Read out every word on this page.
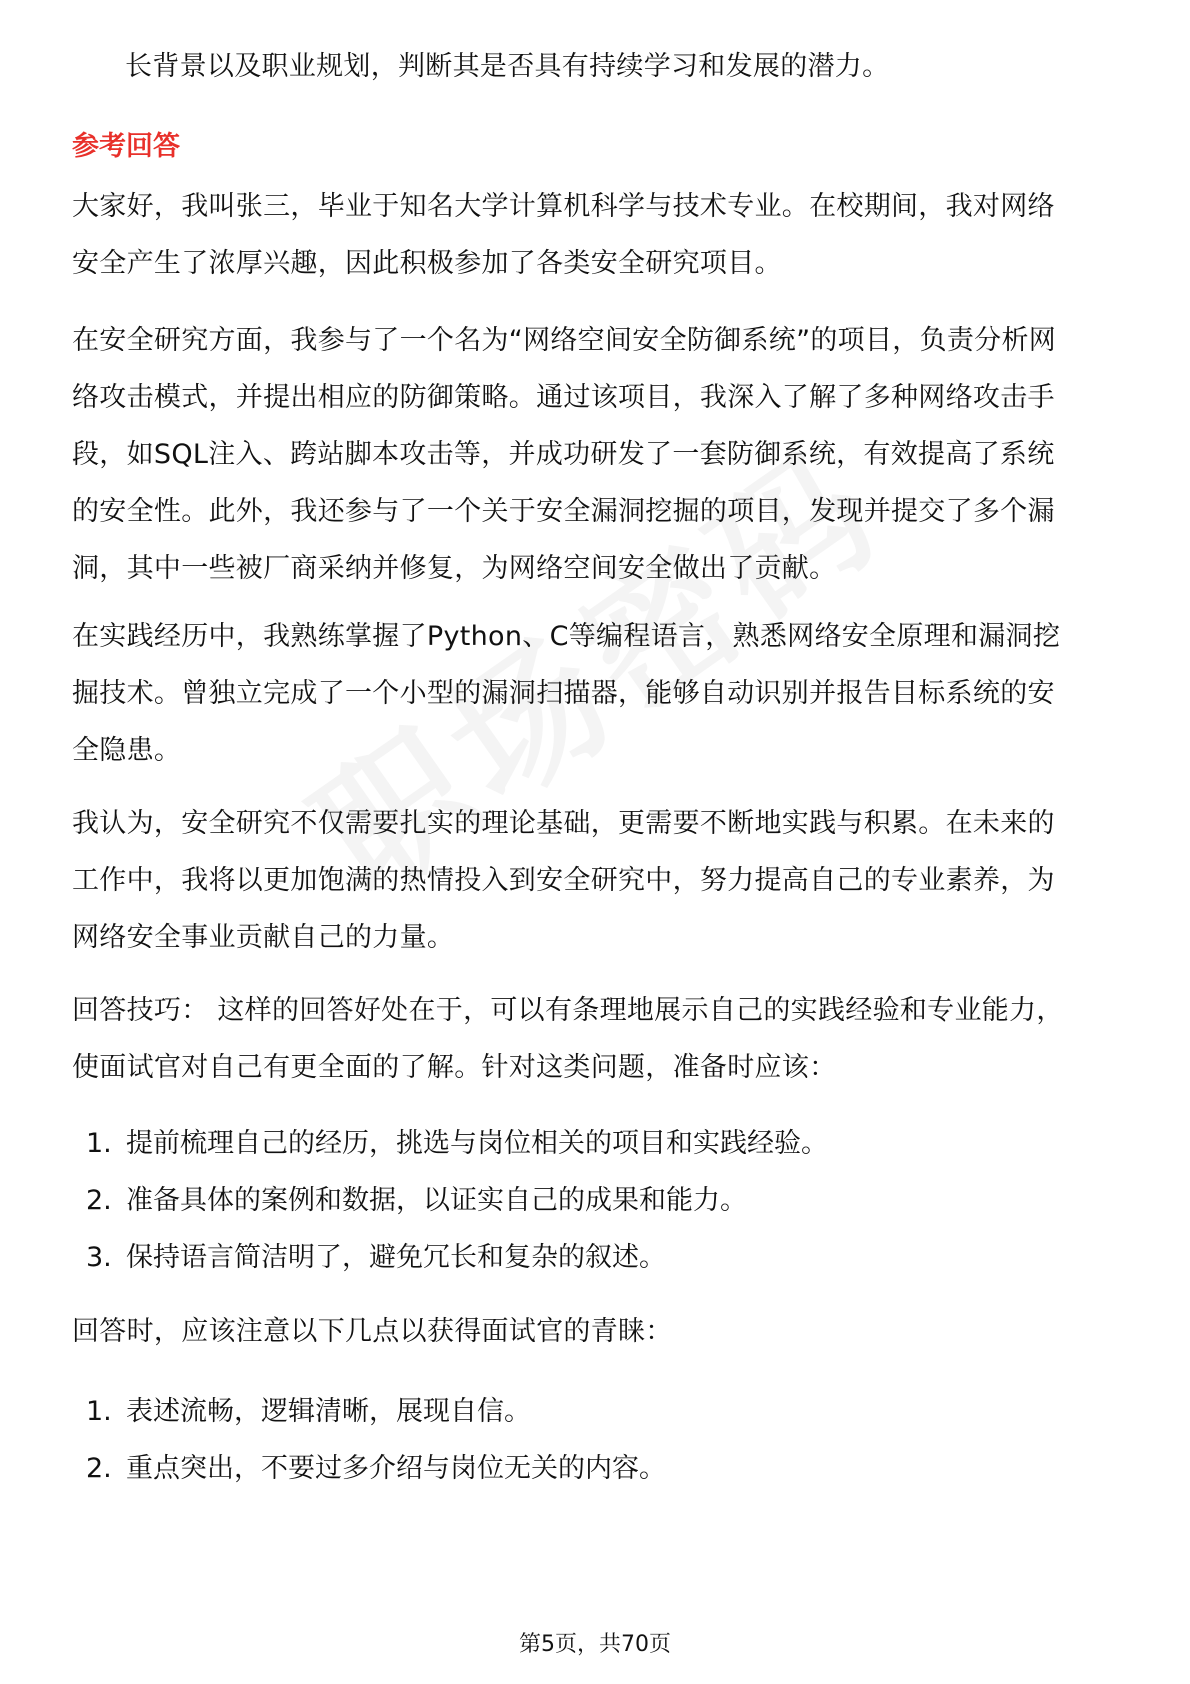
长背景以及职业规划，判断其是否具有持续学习和发展的潜力。
参考回答
大家好，我叫张三，毕业于知名大学计算机科学与技术专业。在校期间，我对网络
安全产生了浓厚兴趣，因此积极参加了各类安全研究项目。
在安全研究方面，我参与了一个名为“网络空间安全防御系统”的项目，负责分析网
络攻击模式，并提出相应的防御策略。通过该项目，我深入了解了多种网络攻击手
段，如SQL注入、跨站脚本攻击等，并成功研发了一套防御系统，有效提高了系统
的安全性。此外，我还参与了一个关于安全漏洞挖掘的项目，发现并提交了多个漏
洞，其中一些被厂商采纳并修复，为网络空间安全做出了贡献。
在实践经历中，我熟练掌握了Python、C等编程语言，熟悉网络安全原理和漏洞挖
掘技术。曾独立完成了一个小型的漏洞扫描器，能够自动识别并报告目标系统的安
全隐患。
我认为，安全研究不仅需要扎实的理论基础，更需要不断地实践与积累。在未来的
工作中，我将以更加饱满的热情投入到安全研究中，努力提高自己的专业素养，为
网络安全事业贡献自己的力量。
回答技巧： 这样的回答好处在于，可以有条理地展示自己的实践经验和专业能力，
使面试官对自己有更全面的了解。针对这类问题，准备时应该：
1. 提前梳理自己的经历，挑选与岗位相关的项目和实践经验。
2. 准备具体的案例和数据，以证实自己的成果和能力。
3. 保持语言简洁明了，避免冗长和复杂的叙述。
回答时，应该注意以下几点以获得面试官的青睐：
1. 表述流畅，逻辑清晰，展现自信。
2. 重点突出，不要过多介绍与岗位无关的内容。
第5页，共70页
